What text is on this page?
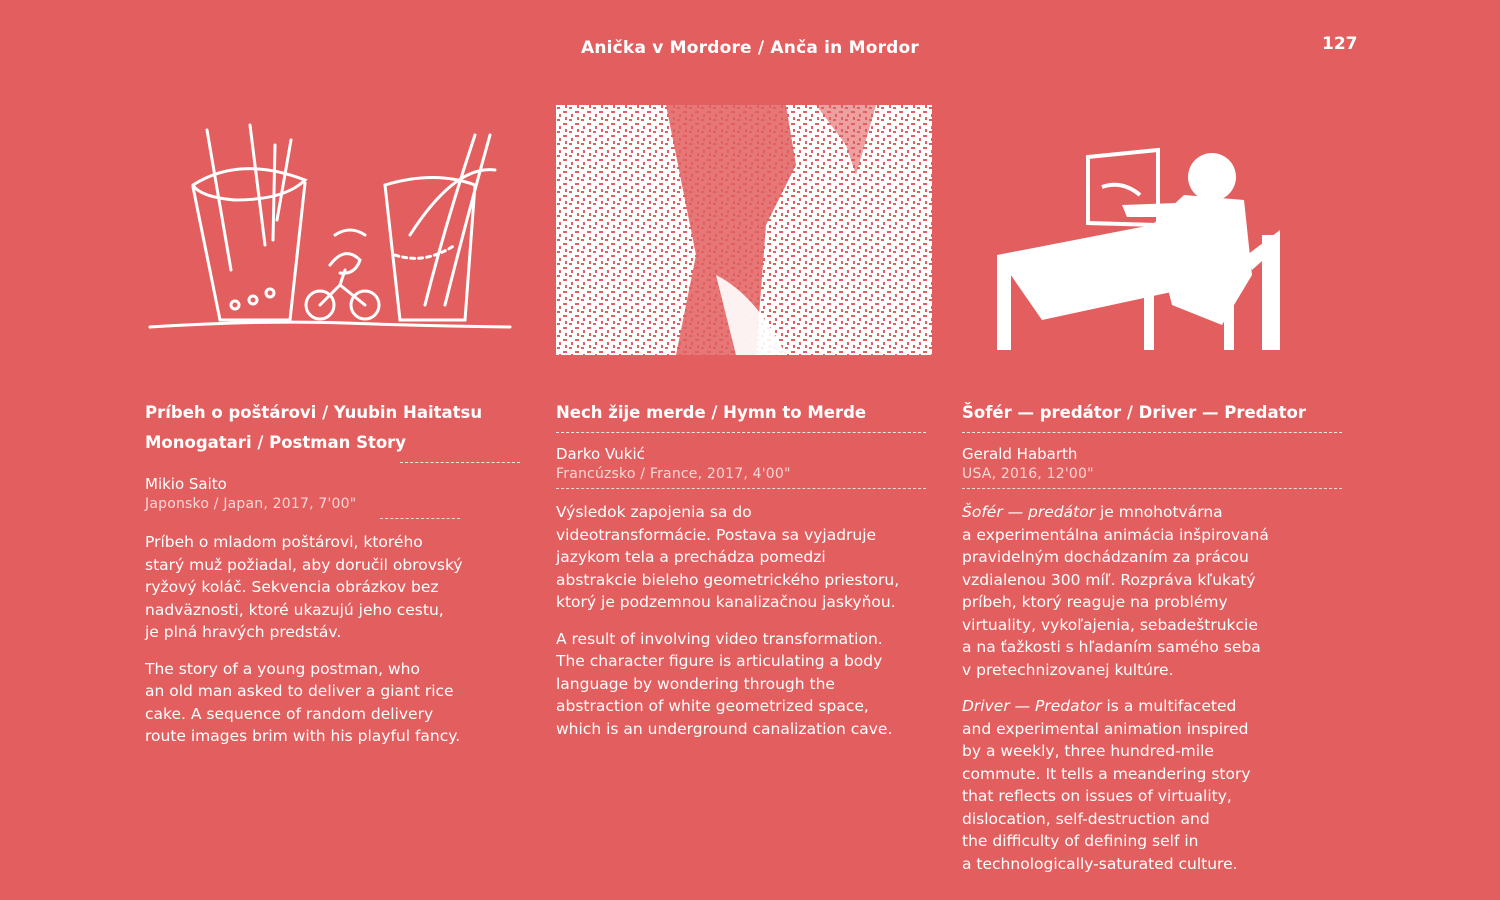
Anička v Mordore / Anča in Mordor	127

Príbeh o poštárovi / Yuubin Haitatsu
Monogatari / Postman Story

Mikio Saito
Japonsko / Japan, 2017, 7'00"

Príbeh o mladom poštárovi, ktorého
starý muž požiadal, aby doručil obrovský
ryžový koláč. Sekvencia obrázkov bez
nadväznosti, ktoré ukazujú jeho cestu,
je plná hravých predstáv.

The story of a young postman, who
an old man asked to deliver a giant rice
cake. A sequence of random delivery
route images brim with his playful fancy.

Nech žije merde / Hymn to Merde

Darko Vukić
Francúzsko / France, 2017, 4'00"

Výsledok zapojenia sa do
videotransformácie. Postava sa vyjadruje
jazykom tela a prechádza pomedzi
abstrakcie bieleho geometrického priestoru,
ktorý je podzemnou kanalizačnou jaskyňou.

A result of involving video transformation.
The character figure is articulating a body
language by wondering through the
abstraction of white geometrized space,
which is an underground canalization cave.

Šofér — predátor / Driver — Predator

Gerald Habarth
USA, 2016, 12'00"

Šofér — predátor je mnohotvárna
a experimentálna animácia inšpirovaná
pravidelným dochádzaním za prácou
vzdialenou 300 míľ. Rozpráva kľukatý
príbeh, ktorý reaguje na problémy
virtuality, vykoľajenia, sebadeštrukcie
a na ťažkosti s hľadaním samého seba
v pretechnizovanej kultúre.

Driver — Predator is a multifaceted
and experimental animation inspired
by a weekly, three hundred-mile
commute. It tells a meandering story
that reflects on issues of virtuality,
dislocation, self-destruction and
the difficulty of defining self in
a technologically-saturated culture.
